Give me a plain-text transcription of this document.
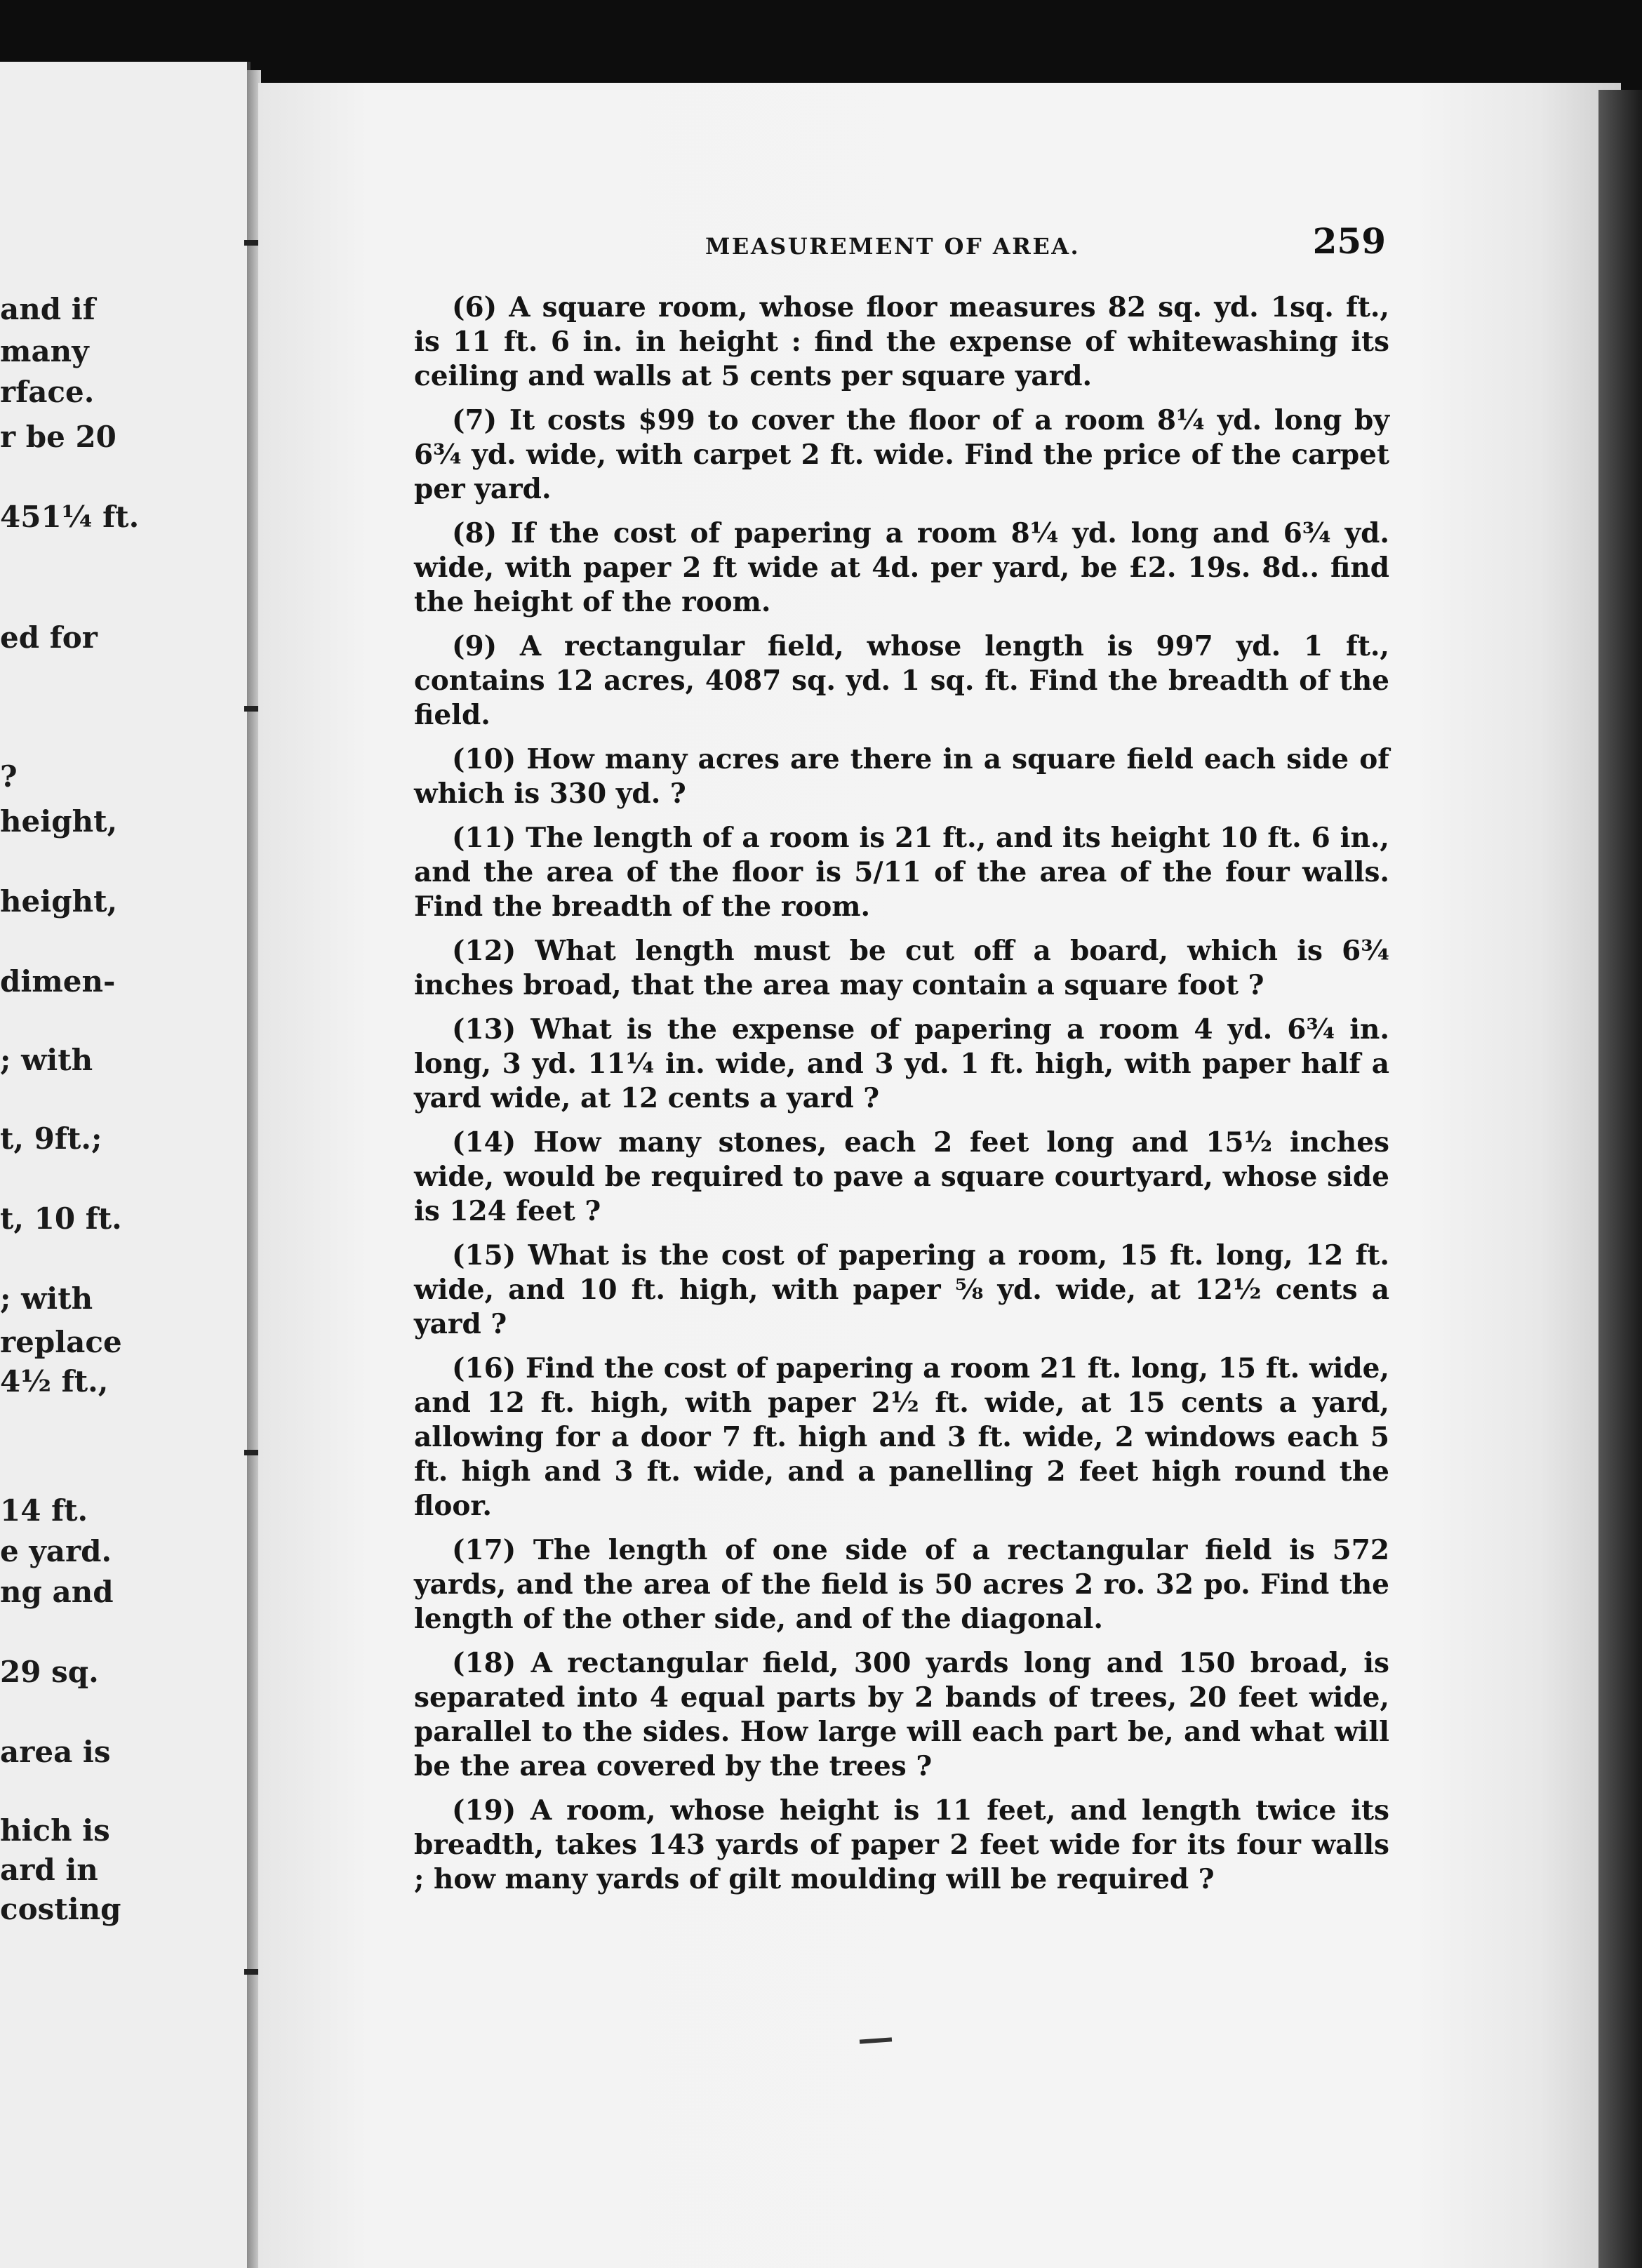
and if
many
rface.
r be 20
451¼ ft.
ed for
?
height,
height,
dimen-
; with
t, 9ft.;
t, 10 ft.
; with
replace
4½ ft.,
14 ft.
e yard.
ng and
29 sq.
area is
hich is
ard in
costing
MEASUREMENT OF AREA.	259

(6) A square room, whose floor measures 82 sq. yd. 1sq. ft., is 11 ft. 6 in. in height : find the expense of whitewashing its ceiling and walls at 5 cents per square yard.

(7) It costs $99 to cover the floor of a room 8¼ yd. long by 6¾ yd. wide, with carpet 2 ft. wide. Find the price of the carpet per yard.

(8) If the cost of papering a room 8¼ yd. long and 6¾ yd. wide, with paper 2 ft wide at 4d. per yard, be £2. 19s. 8d.. find the height of the room.

(9) A rectangular field, whose length is 997 yd. 1 ft., contains 12 acres, 4087 sq. yd. 1 sq. ft. Find the breadth of the field.

(10) How many acres are there in a square field each side of which is 330 yd. ?

(11) The length of a room is 21 ft., and its height 10 ft. 6 in., and the area of the floor is 5/11 of the area of the four walls. Find the breadth of the room.

(12) What length must be cut off a board, which is 6¾ inches broad, that the area may contain a square foot ?

(13) What is the expense of papering a room 4 yd. 6¾ in. long, 3 yd. 11¼ in. wide, and 3 yd. 1 ft. high, with paper half a yard wide, at 12 cents a yard ?

(14) How many stones, each 2 feet long and 15½ inches wide, would be required to pave a square courtyard, whose side is 124 feet ?

(15) What is the cost of papering a room, 15 ft. long, 12 ft. wide, and 10 ft. high, with paper ⅝ yd. wide, at 12½ cents a yard ?

(16) Find the cost of papering a room 21 ft. long, 15 ft. wide, and 12 ft. high, with paper 2½ ft. wide, at 15 cents a yard, allowing for a door 7 ft. high and 3 ft. wide, 2 windows each 5 ft. high and 3 ft. wide, and a panelling 2 feet high round the floor.

(17) The length of one side of a rectangular field is 572 yards, and the area of the field is 50 acres 2 ro. 32 po. Find the length of the other side, and of the diagonal.

(18) A rectangular field, 300 yards long and 150 broad, is separated into 4 equal parts by 2 bands of trees, 20 feet wide, parallel to the sides. How large will each part be, and what will be the area covered by the trees ?

(19) A room, whose height is 11 feet, and length twice its breadth, takes 143 yards of paper 2 feet wide for its four walls ; how many yards of gilt moulding will be required ?
